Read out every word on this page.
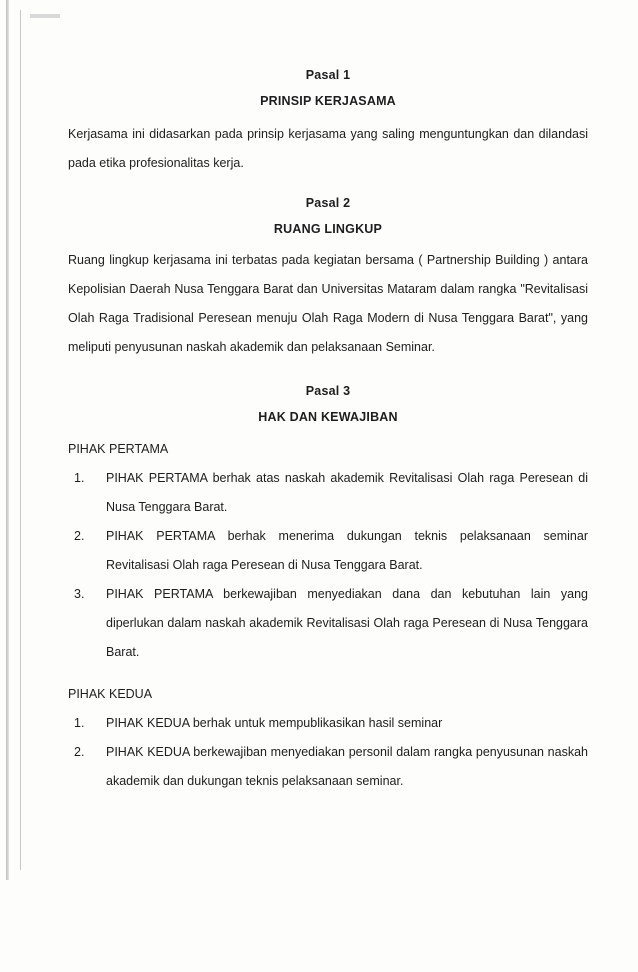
Pasal 1

PRINSIP KERJASAMA

Kerjasama ini didasarkan pada prinsip kerjasama yang saling menguntungkan dan dilandasi pada etika profesionalitas kerja.

Pasal 2

RUANG LINGKUP

Ruang lingkup kerjasama ini terbatas pada kegiatan bersama ( Partnership Building ) antara Kepolisian Daerah Nusa Tenggara Barat dan Universitas Mataram dalam rangka "Revitalisasi Olah Raga Tradisional Peresean menuju Olah Raga Modern di Nusa Tenggara Barat", yang meliputi penyusunan naskah akademik dan pelaksanaan Seminar.

Pasal 3

HAK DAN KEWAJIBAN

PIHAK PERTAMA

1. PIHAK PERTAMA berhak atas naskah akademik Revitalisasi Olah raga Peresean di Nusa Tenggara Barat.
2. PIHAK PERTAMA berhak menerima dukungan teknis pelaksanaan seminar Revitalisasi Olah raga Peresean di Nusa Tenggara Barat.
3. PIHAK PERTAMA berkewajiban menyediakan dana dan kebutuhan lain yang diperlukan dalam naskah akademik Revitalisasi Olah raga Peresean di Nusa Tenggara Barat.

PIHAK KEDUA

1. PIHAK KEDUA berhak untuk mempublikasikan hasil seminar
2. PIHAK KEDUA berkewajiban menyediakan personil dalam rangka penyusunan naskah akademik dan dukungan teknis pelaksanaan seminar.
